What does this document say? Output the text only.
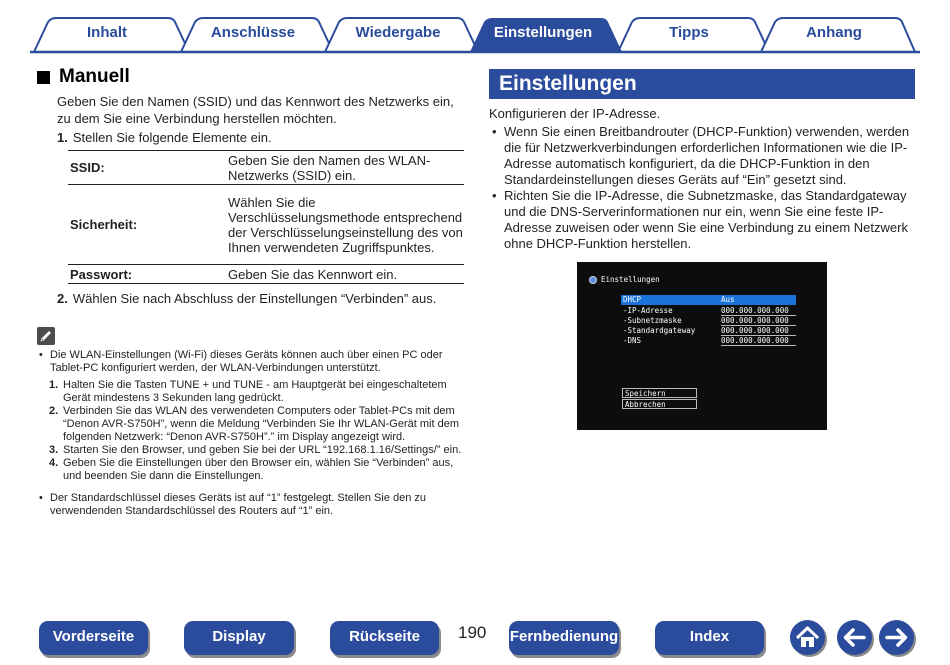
Inhalt	Anschlüsse	Wiedergabe	Einstellungen	Tipps	Anhang
Manuell
Geben Sie den Namen (SSID) und das Kennwort des Netzwerks ein, zu dem Sie eine Verbindung herstellen möchten.
1. Stellen Sie folgende Elemente ein.
SSID:	Geben Sie den Namen des WLAN-Netzwerks (SSID) ein.
Sicherheit:	Wählen Sie die Verschlüsselungsmethode entsprechend der Verschlüsselungseinstellung des von Ihnen verwendeten Zugriffspunktes.
Passwort:	Geben Sie das Kennwort ein.
2. Wählen Sie nach Abschluss der Einstellungen “Verbinden” aus.
• Die WLAN-Einstellungen (Wi-Fi) dieses Geräts können auch über einen PC oder Tablet-PC konfiguriert werden, der WLAN-Verbindungen unterstützt.
1. Halten Sie die Tasten TUNE + und TUNE - am Hauptgerät bei eingeschaltetem Gerät mindestens 3 Sekunden lang gedrückt.
2. Verbinden Sie das WLAN des verwendeten Computers oder Tablet-PCs mit dem “Denon AVR-S750H”, wenn die Meldung “Verbinden Sie Ihr WLAN-Gerät mit dem folgenden Netzwerk: “Denon AVR-S750H”.” im Display angezeigt wird.
3. Starten Sie den Browser, und geben Sie bei der URL “192.168.1.16/Settings/” ein.
4. Geben Sie die Einstellungen über den Browser ein, wählen Sie “Verbinden” aus, und beenden Sie dann die Einstellungen.
• Der Standardschlüssel dieses Geräts ist auf “1” festgelegt. Stellen Sie den zu verwendenden Standardschlüssel des Routers auf “1” ein.
Einstellungen
Konfigurieren der IP-Adresse.
• Wenn Sie einen Breitbandrouter (DHCP-Funktion) verwenden, werden die für Netzwerkverbindungen erforderlichen Informationen wie die IP-Adresse automatisch konfiguriert, da die DHCP-Funktion in den Standardeinstellungen dieses Geräts auf “Ein” gesetzt sind.
• Richten Sie die IP-Adresse, die Subnetzmaske, das Standardgateway und die DNS-Serverinformationen nur ein, wenn Sie eine feste IP-Adresse zuweisen oder wenn Sie eine Verbindung zu einem Netzwerk ohne DHCP-Funktion herstellen.
Einstellungen
DHCP	Aus
-IP-Adresse	000.000.000.000
-Subnetzmaske	000.000.000.000
-Standardgateway	000.000.000.000
-DNS	000.000.000.000
Speichern
Abbrechen
Vorderseite	Display	Rückseite	190 Fernbedienung	Index
